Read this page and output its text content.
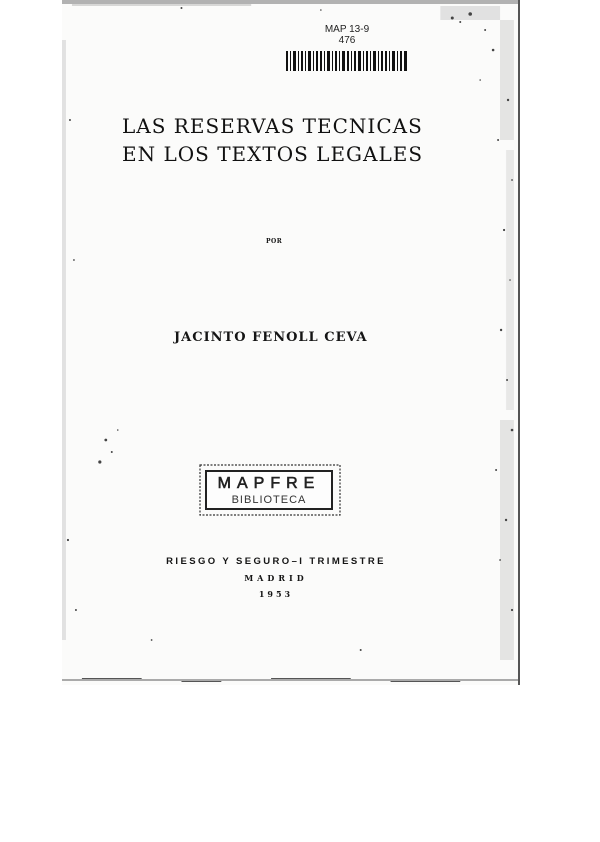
MAP 13-9
476
LAS RESERVAS TECNICAS
EN LOS TEXTOS LEGALES
POR
JACINTO FENOLL CEVA
MAPFRE
BIBLIOTECA
RIESGO Y SEGURO–I TRIMESTRE
MADRID
1953
